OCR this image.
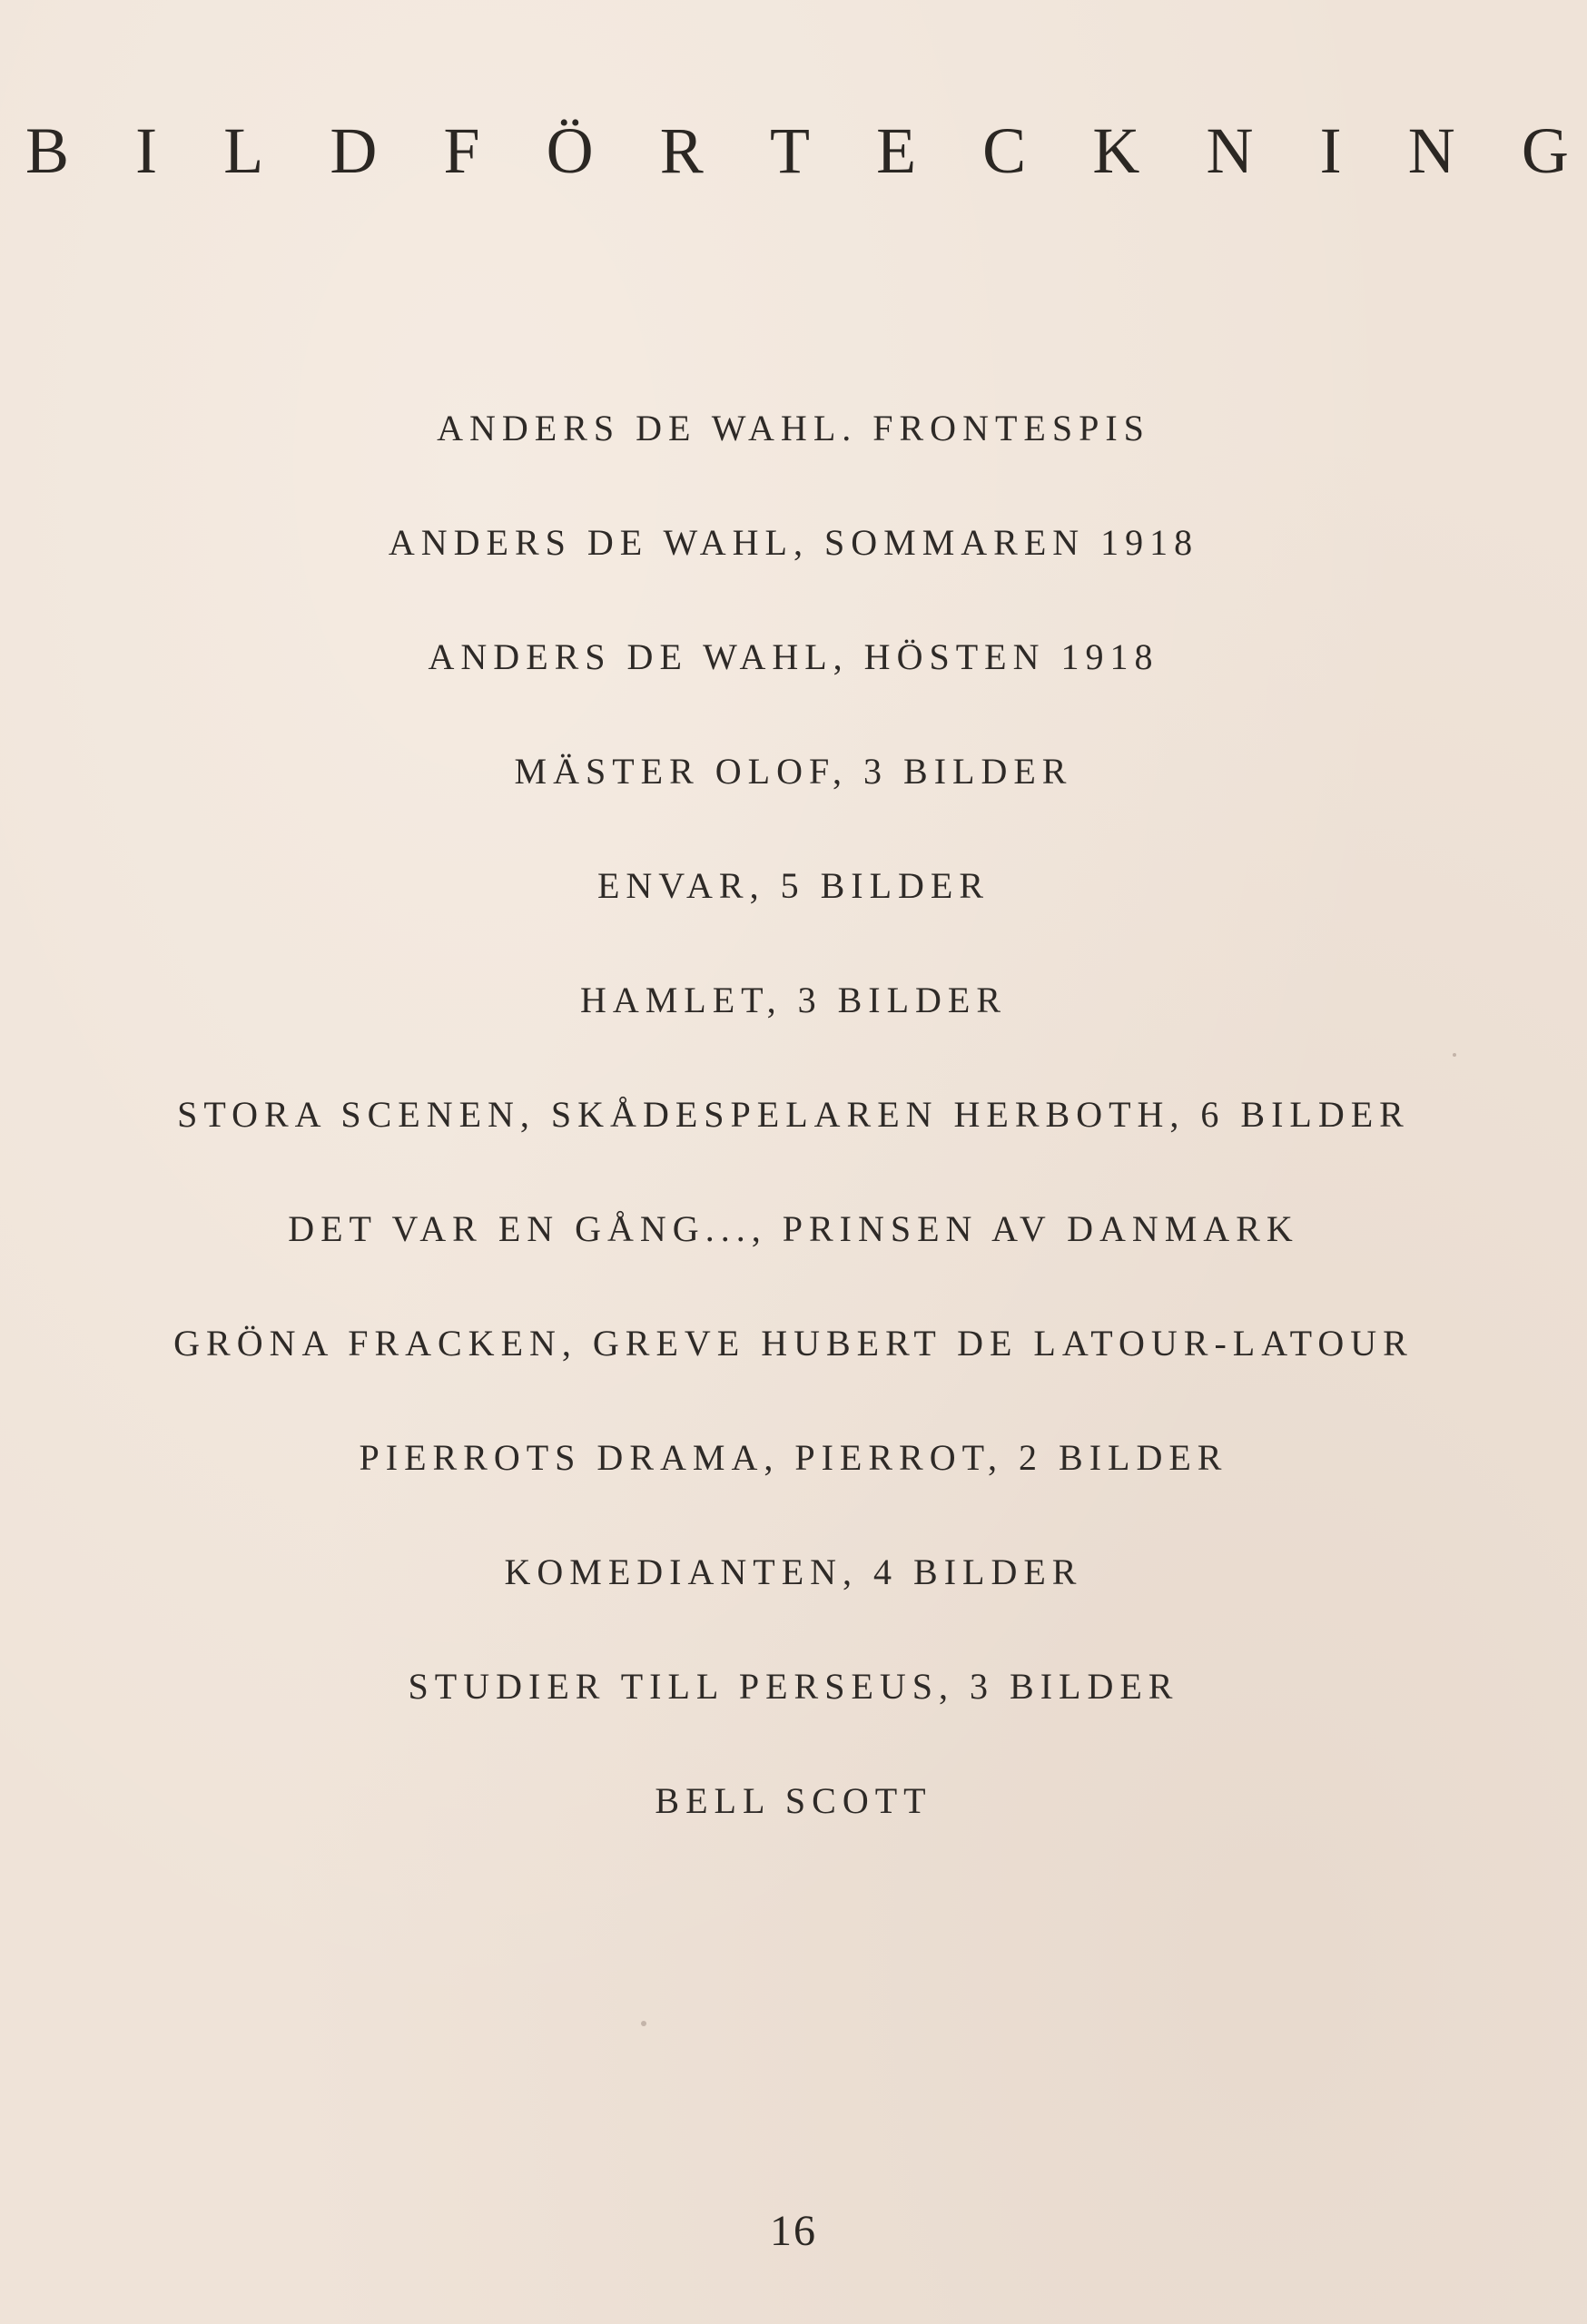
B I L D F Ö R T E C K N I N G
ANDERS DE WAHL. FRONTESPIS
ANDERS DE WAHL, SOMMAREN 1918
ANDERS DE WAHL, HÖSTEN 1918
MÄSTER OLOF, 3 BILDER
ENVAR, 5 BILDER
HAMLET, 3 BILDER
STORA SCENEN, SKÅDESPELAREN HERBOTH, 6 BILDER
DET VAR EN GÅNG..., PRINSEN AV DANMARK
GRÖNA FRACKEN, GREVE HUBERT DE LATOUR-LATOUR
PIERROTS DRAMA, PIERROT, 2 BILDER
KOMEDIANTEN, 4 BILDER
STUDIER TILL PERSEUS, 3 BILDER
BELL SCOTT
16
